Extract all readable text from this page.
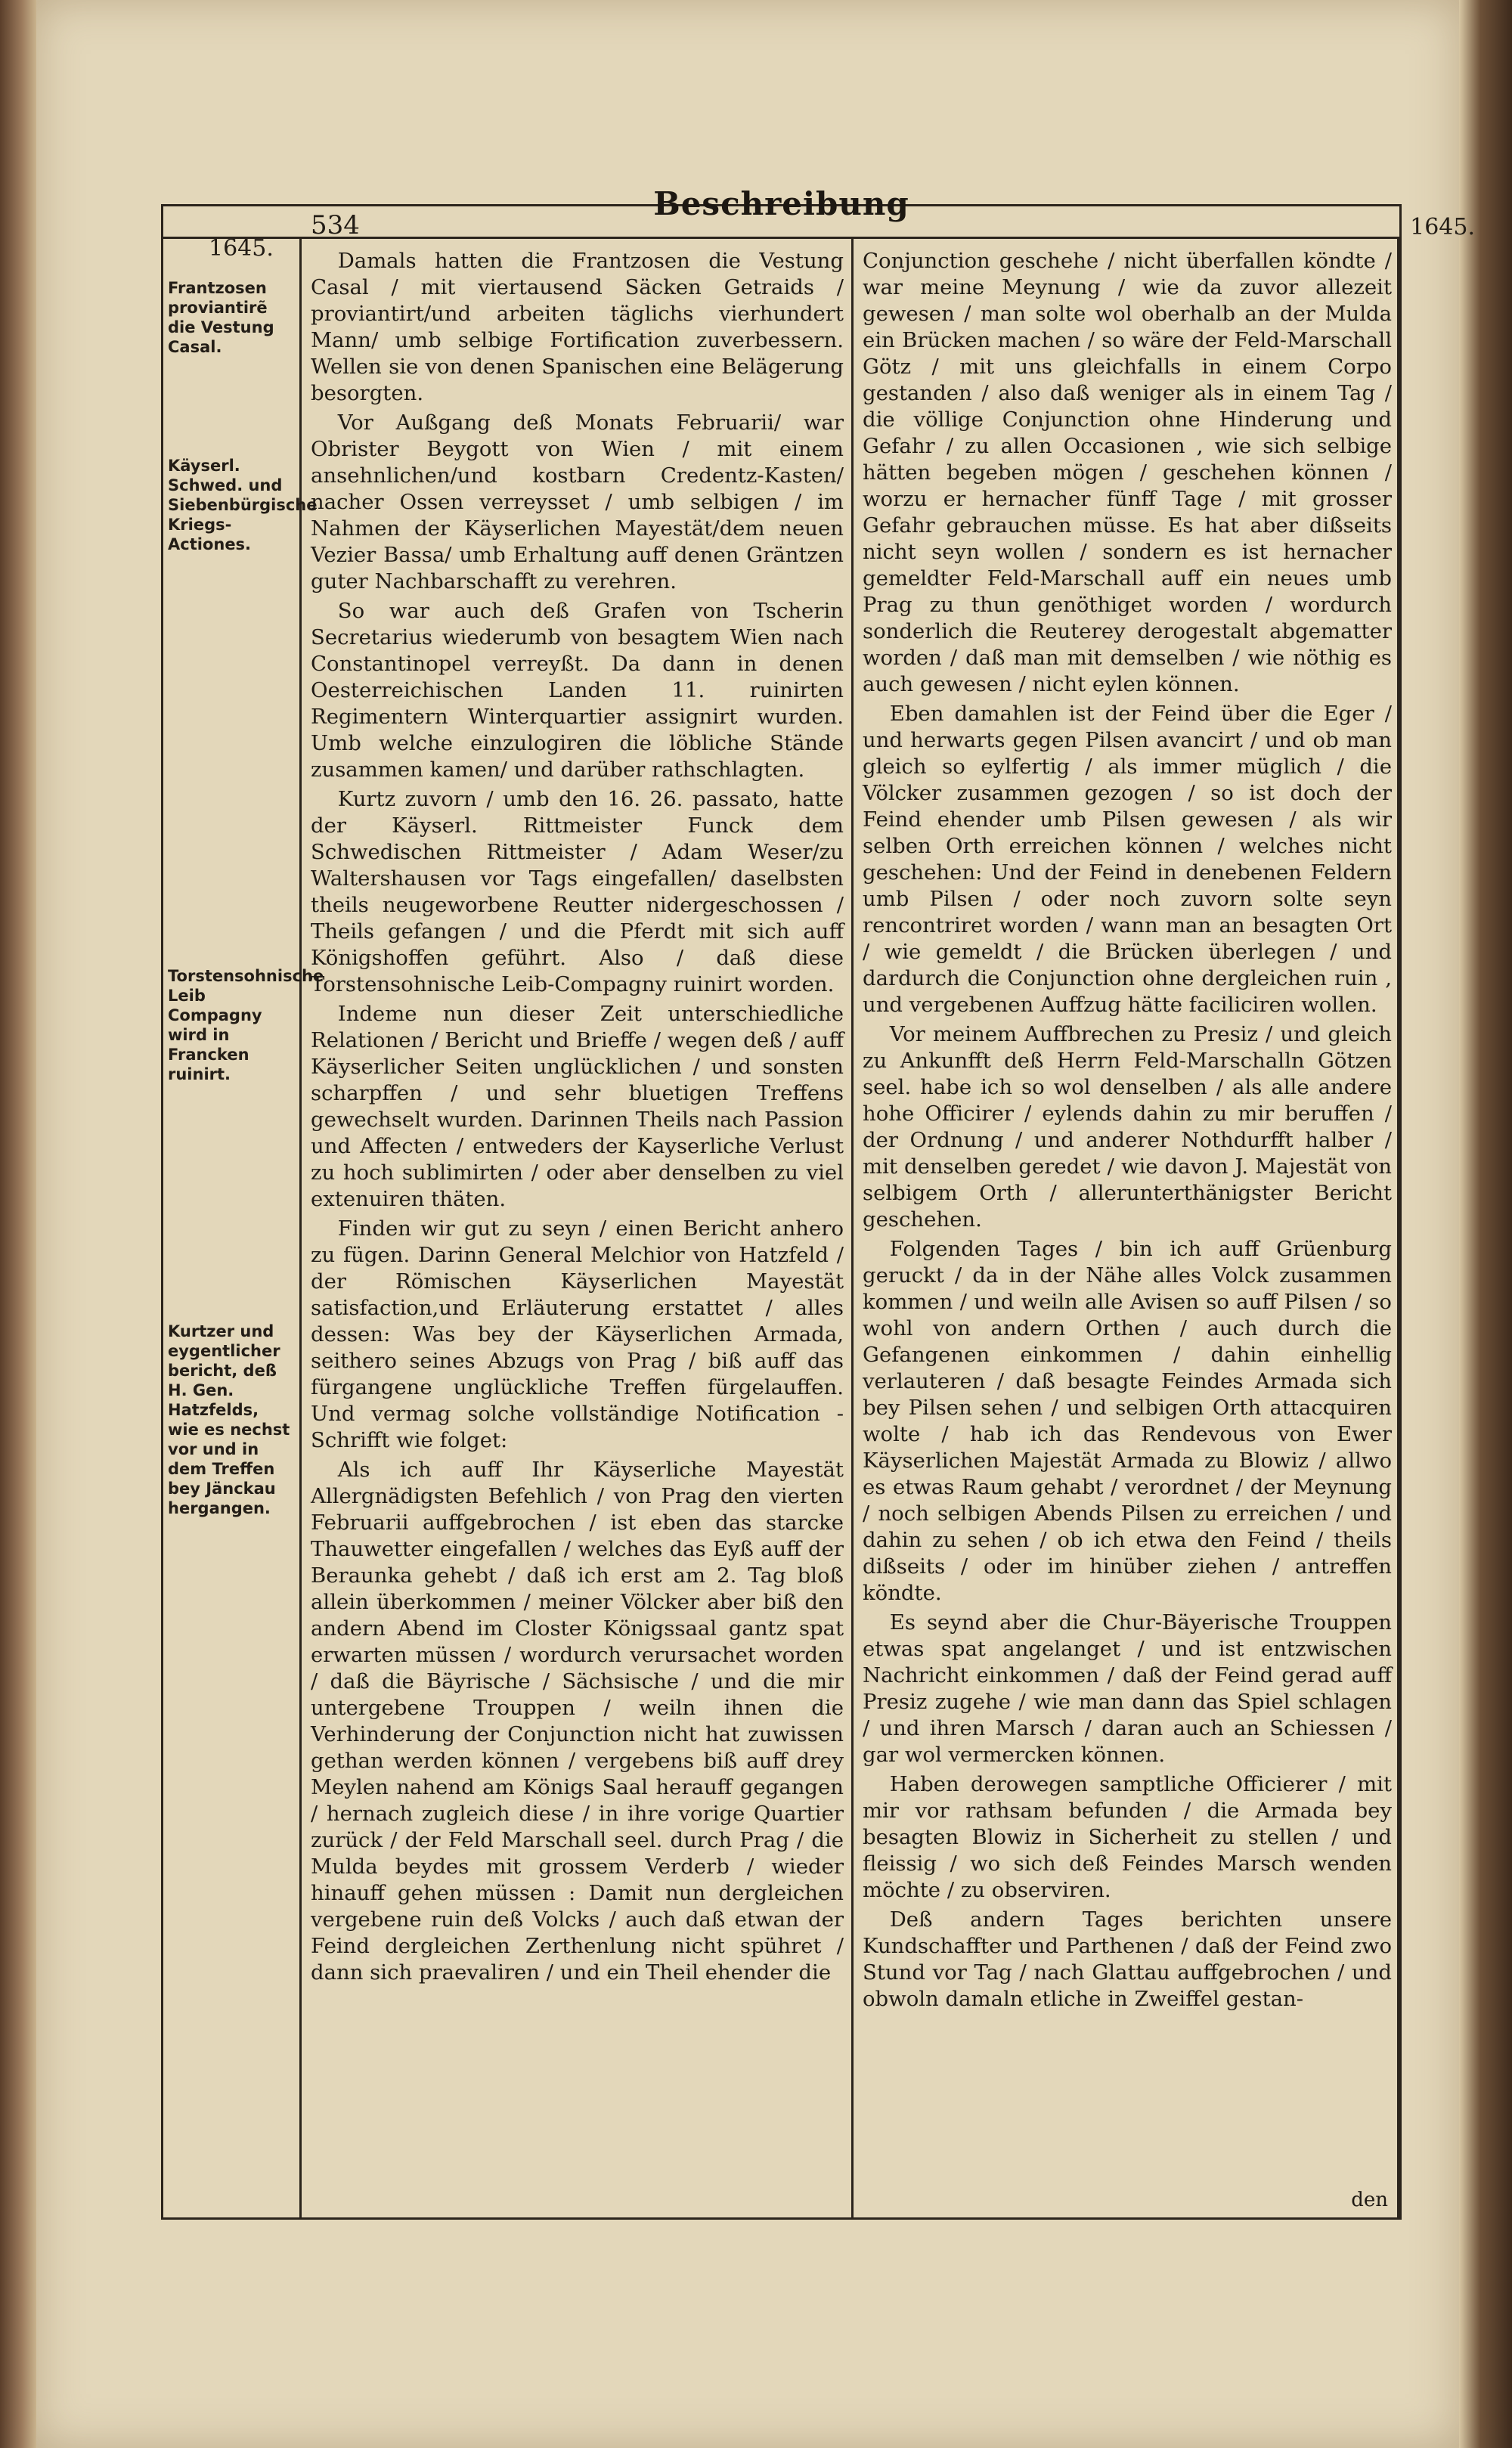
Beschreibung
534
1645.
1645.
Frantzosen proviantirẽ die Vestung Casal.
Käyserl. Schwed. und Siebenbürgische Kriegs-Actiones.
Torstensohnische Leib Compagny wird in Francken ruinirt.
Kurtzer und eygentlicher bericht, deß H. Gen. Hatzfelds, wie es nechst vor und in dem Treffen bey Jänckau hergangen.

Damals hatten die Frantzosen die Vestung Casal / mit viertausend Säcken Getraids / proviantirt/und arbeiten täglichs vierhundert Mann/ umb selbige Fortification zuverbessern. Wellen sie von denen Spanischen eine Belägerung besorgten.

Vor Außgang deß Monats Februarii/ war Obrister Beygott von Wien / mit einem ansehnlichen/und kostbarn Credentz-Kasten/ nacher Ossen verreysset / umb selbigen / im Nahmen der Käyserlichen Mayestät/dem neuen Vezier Bassa/ umb Erhaltung auff denen Gräntzen guter Nachbarschafft zu verehren.

So war auch deß Grafen von Tscherin Secretarius wiederumb von besagtem Wien nach Constantinopel verreyßt. Da dann in denen Oesterreichischen Landen 11. ruinirten Regimentern Winterquartier assignirt wurden. Umb welche einzulogiren die löbliche Stände zusammen kamen/ und darüber rathschlagten.

Kurtz zuvorn / umb den 16. 26. passato, hatte der Käyserl. Rittmeister Funck dem Schwedischen Rittmeister / Adam Weser/zu Waltershausen vor Tags eingefallen/ daselbsten theils neugeworbene Reutter nidergeschossen / Theils gefangen / und die Pferdt mit sich auff Königshoffen geführt. Also / daß diese Torstensohnische Leib-Compagny ruinirt worden.

Indeme nun dieser Zeit unterschiedliche Relationen / Bericht und Brieffe / wegen deß / auff Käyserlicher Seiten unglücklichen / und sonsten scharpffen / und sehr bluetigen Treffens gewechselt wurden. Darinnen Theils nach Passion und Affecten / entweders der Kayserliche Verlust zu hoch sublimirten / oder aber denselben zu viel extenuiren thäten.

Finden wir gut zu seyn / einen Bericht anhero zu fügen. Darinn General Melchior von Hatzfeld / der Römischen Käyserlichen Mayestät satisfaction,und Erläuterung erstattet / alles dessen: Was bey der Käyserlichen Armada, seithero seines Abzugs von Prag / biß auff das fürgangene unglückliche Treffen fürgelauffen. Und vermag solche vollständige Notification - Schrifft wie folget:

Als ich auff Ihr Käyserliche Mayestät Allergnädigsten Befehlich / von Prag den vierten Februarii auffgebrochen / ist eben das starcke Thauwetter eingefallen / welches das Eyß auff der Beraunka gehebt / daß ich erst am 2. Tag bloß allein überkommen / meiner Völcker aber biß den andern Abend im Closter Königssaal gantz spat erwarten müssen / wordurch verursachet worden / daß die Bäyrische / Sächsische / und die mir untergebene Trouppen / weiln ihnen die Verhinderung der Conjunction nicht hat zuwissen gethan werden können / vergebens biß auff drey Meylen nahend am Königs Saal herauff gegangen / hernach zugleich diese / in ihre vorige Quartier zurück / der Feld Marschall seel. durch Prag / die Mulda beydes mit grossem Verderb / wieder hinauff gehen müssen : Damit nun dergleichen vergebene ruin deß Volcks / auch daß etwan der Feind dergleichen Zerthenlung nicht spühret / dann sich praevaliren / und ein Theil ehender die

Conjunction geschehe / nicht überfallen köndte / war meine Meynung / wie da zuvor allezeit gewesen / man solte wol oberhalb an der Mulda ein Brücken machen / so wäre der Feld-Marschall Götz / mit uns gleichfalls in einem Corpo gestanden / also daß weniger als in einem Tag / die völlige Conjunction ohne Hinderung und Gefahr / zu allen Occasionen , wie sich selbige hätten begeben mögen / geschehen können / worzu er hernacher fünff Tage / mit grosser Gefahr gebrauchen müsse. Es hat aber dißseits nicht seyn wollen / sondern es ist hernacher gemeldter Feld-Marschall auff ein neues umb Prag zu thun genöthiget worden / wordurch sonderlich die Reuterey derogestalt abgematter worden / daß man mit demselben / wie nöthig es auch gewesen / nicht eylen können.

Eben damahlen ist der Feind über die Eger / und herwarts gegen Pilsen avancirt / und ob man gleich so eylfertig / als immer müglich / die Völcker zusammen gezogen / so ist doch der Feind ehender umb Pilsen gewesen / als wir selben Orth erreichen können / welches nicht geschehen: Und der Feind in denebenen Feldern umb Pilsen / oder noch zuvorn solte seyn rencontriret worden / wann man an besagten Ort / wie gemeldt / die Brücken überlegen / und dardurch die Conjunction ohne dergleichen ruin , und vergebenen Auffzug hätte faciliciren wollen.

Vor meinem Auffbrechen zu Presiz / und gleich zu Ankunfft deß Herrn Feld-Marschalln Götzen seel. habe ich so wol denselben / als alle andere hohe Officirer / eylends dahin zu mir beruffen / der Ordnung / und anderer Nothdurfft halber / mit denselben geredet / wie davon J. Majestät von selbigem Orth / allerunterthänigster Bericht geschehen.

Folgenden Tages / bin ich auff Grüenburg geruckt / da in der Nähe alles Volck zusammen kommen / und weiln alle Avisen so auff Pilsen / so wohl von andern Orthen / auch durch die Gefangenen einkommen / dahin einhellig verlauteren / daß besagte Feindes Armada sich bey Pilsen sehen / und selbigen Orth attacquiren wolte / hab ich das Rendevous von Ewer Käyserlichen Majestät Armada zu Blowiz / allwo es etwas Raum gehabt / verordnet / der Meynung / noch selbigen Abends Pilsen zu erreichen / und dahin zu sehen / ob ich etwa den Feind / theils dißseits / oder im hinüber ziehen / antreffen köndte.

Es seynd aber die Chur-Bäyerische Trouppen etwas spat angelanget / und ist entzwischen Nachricht einkommen / daß der Feind gerad auff Presiz zugehe / wie man dann das Spiel schlagen / und ihren Marsch / daran auch an Schiessen / gar wol vermercken können.

Haben derowegen samptliche Officierer / mit mir vor rathsam befunden / die Armada bey besagten Blowiz in Sicherheit zu stellen / und fleissig / wo sich deß Feindes Marsch wenden möchte / zu observiren.

Deß andern Tages berichten unsere Kundschaffter und Parthenen / daß der Feind zwo Stund vor Tag / nach Glattau auffgebrochen / und obwoln damaln etliche in Zweiffel gestan-

den
